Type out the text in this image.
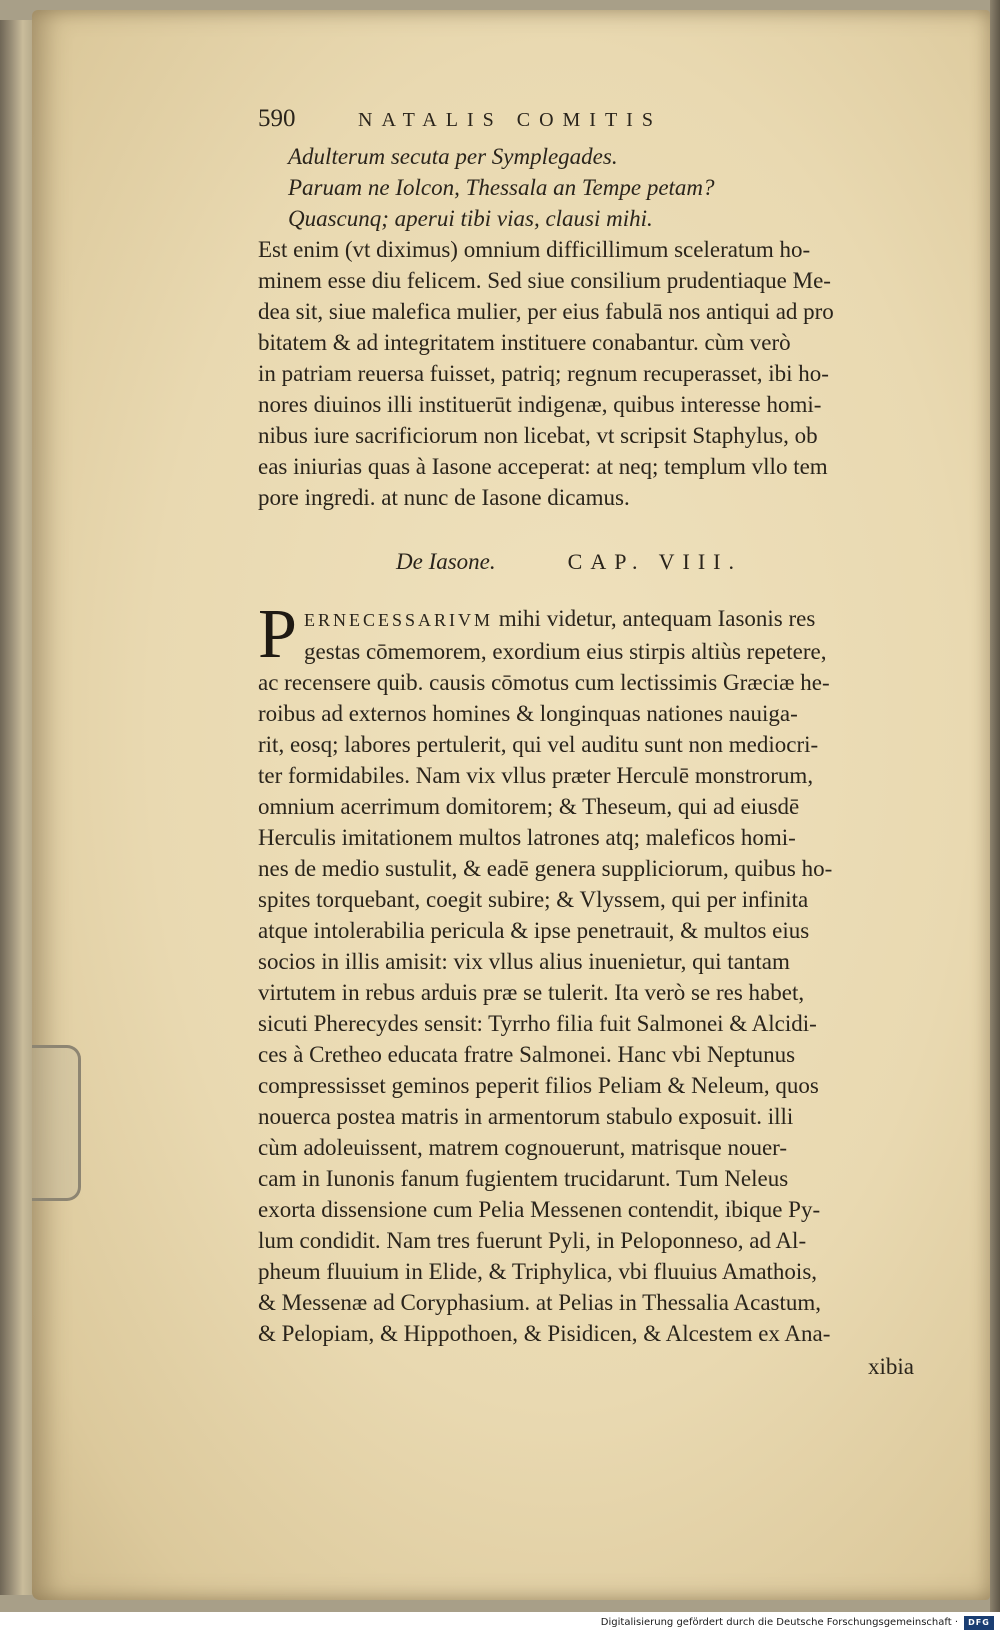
590	NATALIS COMITIS
Adulterum secuta per Symplegades.
Paruam ne Iolcon, Thessala an Tempe petam?
Quascunq; aperui tibi vias, clausi mihi.
Est enim (vt diximus) omnium difficillimum sceleratum ho-
minem esse diu felicem. Sed siue consilium prudentiaque Me-
dea sit, siue malefica mulier, per eius fabulā nos antiqui ad pro
bitatem & ad integritatem instituere conabantur. cùm verò
in patriam reuersa fuisset, patriq; regnum recuperasset, ibi ho-
nores diuinos illi instituerūt indigenæ, quibus interesse homi-
nibus iure sacrificiorum non licebat, vt scripsit Staphylus, ob
eas iniurias quas à Iasone acceperat: at neq; templum vllo tem
pore ingredi. at nunc de Iasone dicamus.
De Iasone.	CAP. VIII.
P ERNECESSARIVM mihi videtur, antequam Iasonis res
gestas cōmemorem, exordium eius stirpis altiùs repetere,
ac recensere quib. causis cōmotus cum lectissimis Græciæ he-
roibus ad externos homines & longinquas nationes nauiga-
rit, eosq; labores pertulerit, qui vel auditu sunt non mediocri-
ter formidabiles. Nam vix vllus præter Herculē monstrorum,
omnium acerrimum domitorem; & Theseum, qui ad eiusdē
Herculis imitationem multos latrones atq; maleficos homi-
nes de medio sustulit, & eadē genera suppliciorum, quibus ho-
spites torquebant, coegit subire; & Vlyssem, qui per infinita
atque intolerabilia pericula & ipse penetrauit, & multos eius
socios in illis amisit: vix vllus alius inuenietur, qui tantam
virtutem in rebus arduis præ se tulerit. Ita verò se res habet,
sicuti Pherecydes sensit: Tyrrho filia fuit Salmonei & Alcidi-
ces à Cretheo educata fratre Salmonei. Hanc vbi Neptunus
compressisset geminos peperit filios Peliam & Neleum, quos
nouerca postea matris in armentorum stabulo exposuit. illi
cùm adoleuissent, matrem cognouerunt, matrisque nouer-
cam in Iunonis fanum fugientem trucidarunt. Tum Neleus
exorta dissensione cum Pelia Messenen contendit, ibique Py-
lum condidit. Nam tres fuerunt Pyli, in Peloponneso, ad Al-
pheum fluuium in Elide, & Triphylica, vbi fluuius Amathois,
& Messenæ ad Coryphasium. at Pelias in Thessalia Acastum,
& Pelopiam, & Hippothoen, & Pisidicen, & Alcestem ex Ana-
xibia
Digitalisierung gefördert durch die Deutsche Forschungsgemeinschaft ·	DFG
